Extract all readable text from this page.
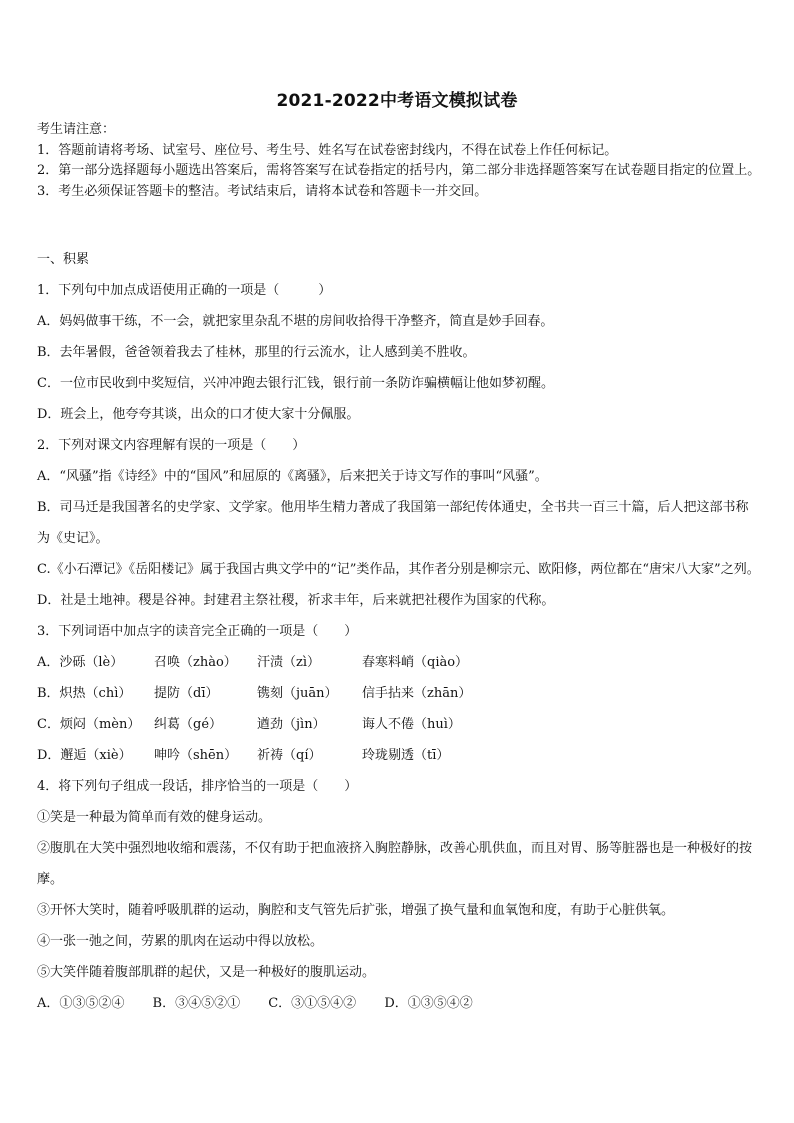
2021-2022中考语文模拟试卷

考生请注意：

1．答题前请将考场、试室号、座位号、考生号、姓名写在试卷密封线内，不得在试卷上作任何标记。

2．第一部分选择题每小题选出答案后，需将答案写在试卷指定的括号内，第二部分非选择题答案写在试卷题目指定的位置上。

3．考生必须保证答题卡的整洁。考试结束后，请将本试卷和答题卡一并交回。

一、积累
1．下列句中加点成语使用正确的一项是（　　　）
A．妈妈做事干练，不一会，就把家里杂乱不堪的房间收拾得干净整齐，简直是妙手回春。
B．去年暑假，爸爸领着我去了桂林，那里的行云流水，让人感到美不胜收。
C．一位市民收到中奖短信，兴冲冲跑去银行汇钱，银行前一条防诈骗横幅让他如梦初醒。
D．班会上，他夸夸其谈，出众的口才使大家十分佩服。
2．下列对课文内容理解有误的一项是（　　）
A．“风骚”指《诗经》中的“国风”和屈原的《离骚》，后来把关于诗文写作的事叫“风骚”。
B．司马迁是我国著名的史学家、文学家。他用毕生精力著成了我国第一部纪传体通史，全书共一百三十篇，后人把这部书称为《史记》。
C.《小石潭记》《岳阳楼记》属于我国古典文学中的“记”类作品，其作者分别是柳宗元、欧阳修，两位都在“唐宋八大家”之列。
D．社是土地神。稷是谷神。封建君主祭社稷，祈求丰年，后来就把社稷作为国家的代称。
3．下列词语中加点字的读音完全正确的一项是（　　）
A．沙砾（lè）	召唤（zhào）	汗渍（zì）	春寒料峭（qiào）
B．炽热（chì）	提防（dī）	镌刻（juān）	信手拈来（zhān）
C．烦闷（mèn）	纠葛（gé）	遒劲（jìn）	诲人不倦（huì）
D．邂逅（xiè）	呻吟（shēn）	祈祷（qí）	玲珑剔透（tī）
4．将下列句子组成一段话，排序恰当的一项是（　　）
①笑是一种最为简单而有效的健身运动。
②腹肌在大笑中强烈地收缩和震荡，不仅有助于把血液挤入胸腔静脉，改善心肌供血，而且对胃、肠等脏器也是一种极好的按摩。
③开怀大笑时，随着呼吸肌群的运动，胸腔和支气管先后扩张，增强了换气量和血氧饱和度，有助于心脏供氧。
④一张一弛之间，劳累的肌肉在运动中得以放松。
⑤大笑伴随着腹部肌群的起伏，又是一种极好的腹肌运动。
A．①③⑤②④ B．③④⑤②① C．③①⑤④② D．①③⑤④②
